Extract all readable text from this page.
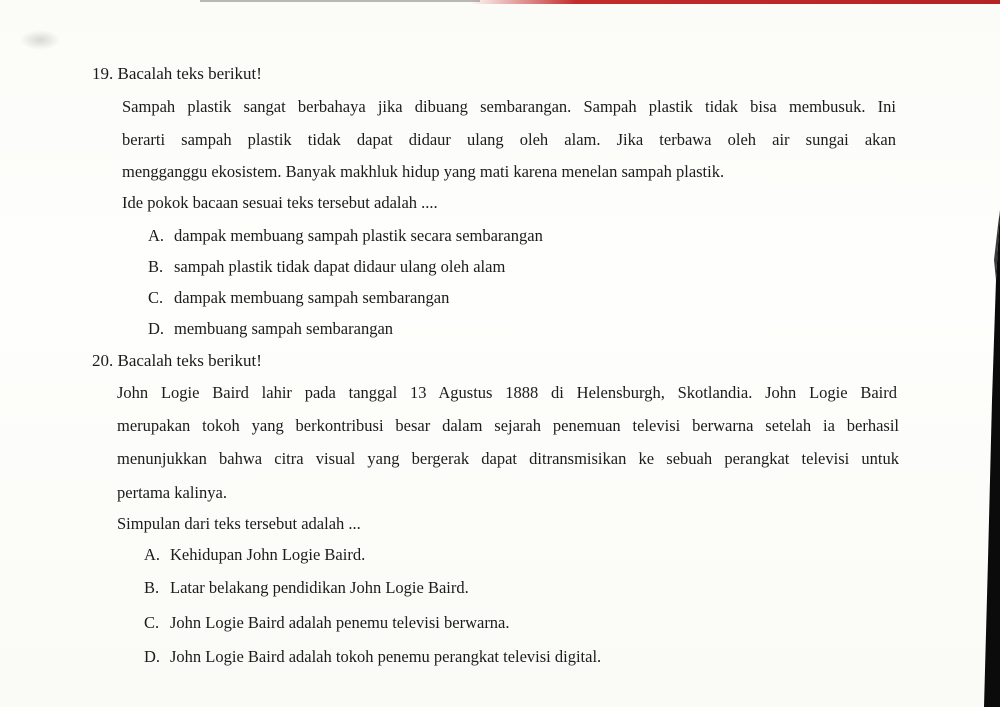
19. Bacalah teks berikut!
Sampah plastik sangat berbahaya jika dibuang sembarangan. Sampah plastik tidak bisa membusuk. Ini
berarti sampah plastik tidak dapat didaur ulang oleh alam. Jika terbawa oleh air sungai akan
mengganggu ekosistem. Banyak makhluk hidup yang mati karena menelan sampah plastik.
Ide pokok bacaan sesuai teks tersebut adalah ....
A. dampak membuang sampah plastik secara sembarangan
B. sampah plastik tidak dapat didaur ulang oleh alam
C. dampak membuang sampah sembarangan
D. membuang sampah sembarangan
20. Bacalah teks berikut!
John Logie Baird lahir pada tanggal 13 Agustus 1888 di Helensburgh, Skotlandia. John Logie Baird
merupakan tokoh yang berkontribusi besar dalam sejarah penemuan televisi berwarna setelah ia berhasil
menunjukkan bahwa citra visual yang bergerak dapat ditransmisikan ke sebuah perangkat televisi untuk
pertama kalinya.
Simpulan dari teks tersebut adalah ...
A. Kehidupan John Logie Baird.
B. Latar belakang pendidikan John Logie Baird.
C. John Logie Baird adalah penemu televisi berwarna.
D. John Logie Baird adalah tokoh penemu perangkat televisi digital.
